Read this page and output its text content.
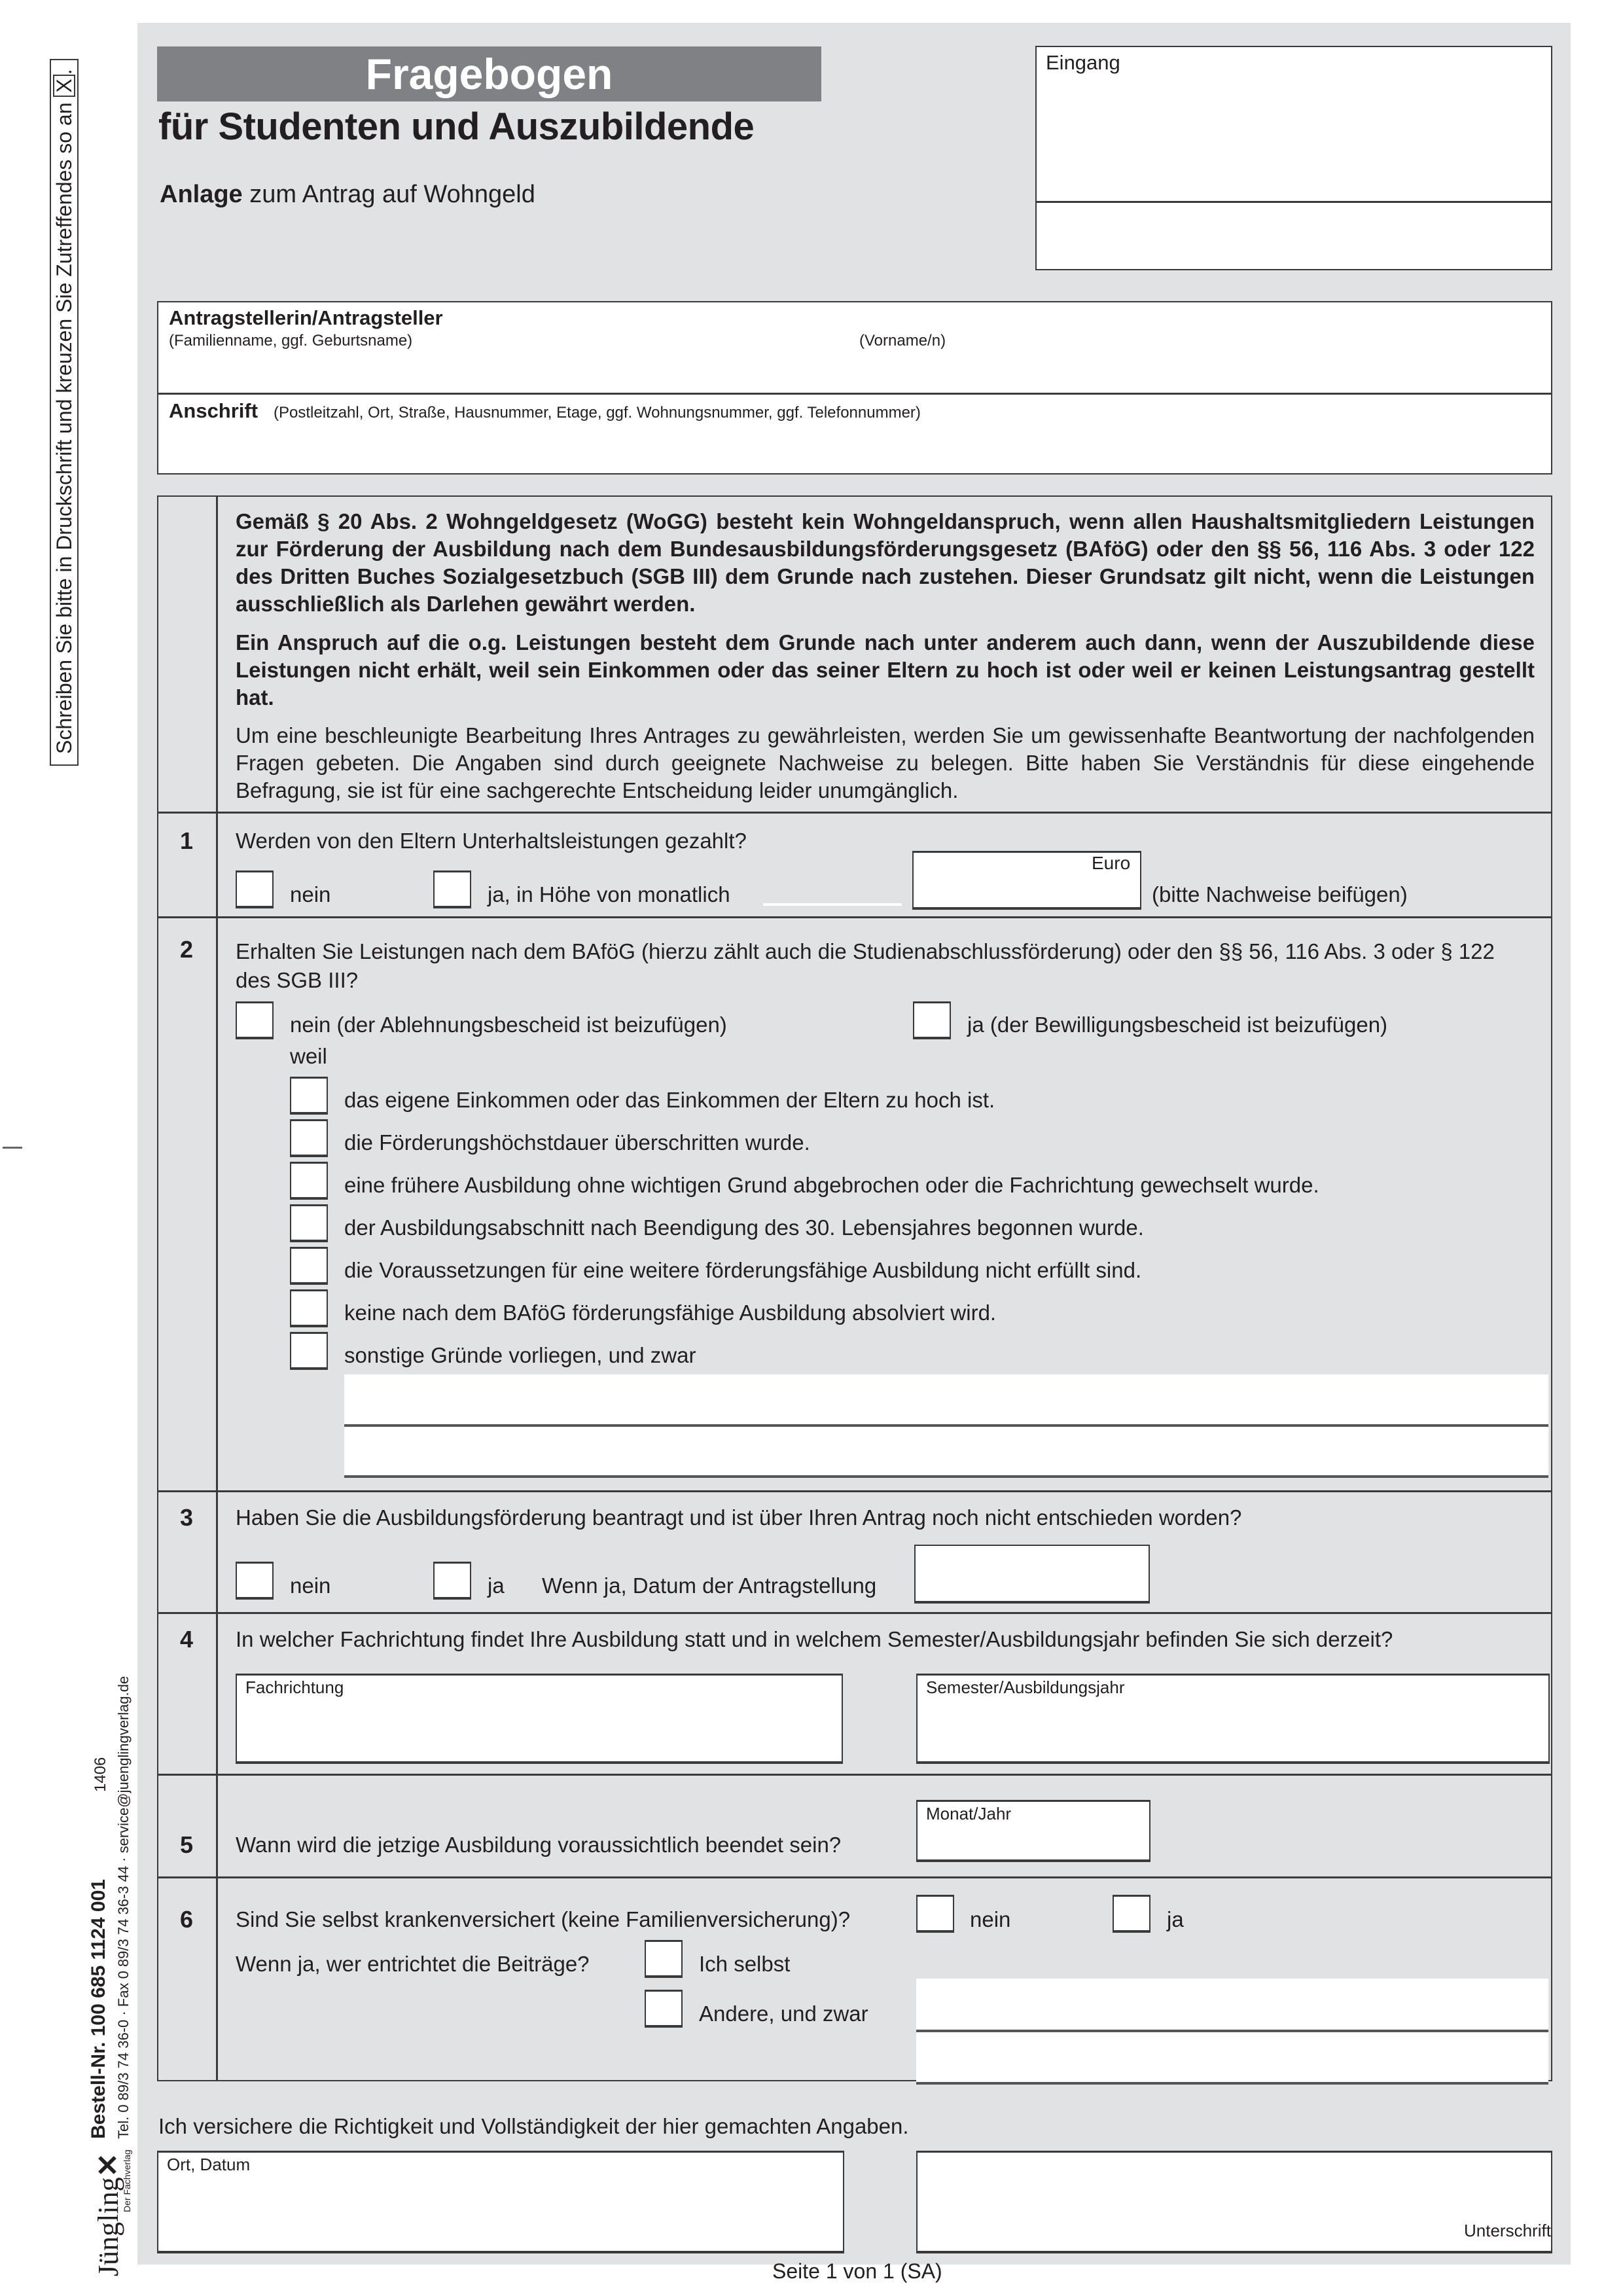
Schreiben Sie bitte in Druckschrift und kreuzen Sie Zutreffendes so an X.
1406 Tel. 0 89/3 74 36-0 · Fax 0 89/3 74 36-3 44 · service@juenglingverlag.de
Bestell-Nr. 100 685 1124 001
Jüngling✕
Der Fachverlag
Fragebogen
für Studenten und Auszubildende
Anlage zum Antrag auf Wohngeld
Eingang
Antragstellerin/Antragsteller
(Familienname, ggf. Geburtsname)	(Vorname/n)
Anschrift (Postleitzahl, Ort, Straße, Hausnummer, Etage, ggf. Wohnungsnummer, ggf. Telefonnummer)
Gemäß § 20 Abs. 2 Wohngeldgesetz (WoGG) besteht kein Wohngeldanspruch, wenn allen Haushaltsmitgliedern Leistungen zur Förderung der Ausbildung nach dem Bundesausbildungsförderungsgesetz (BAföG) oder den §§ 56, 116 Abs. 3 oder 122 des Dritten Buches Sozialgesetzbuch (SGB III) dem Grunde nach zustehen. Dieser Grundsatz gilt nicht, wenn die Leistungen ausschließlich als Darlehen gewährt werden.
Ein Anspruch auf die o.g. Leistungen besteht dem Grunde nach unter anderem auch dann, wenn der Auszubildende diese Leistungen nicht erhält, weil sein Einkommen oder das seiner Eltern zu hoch ist oder weil er keinen Leistungsantrag gestellt hat.
Um eine beschleunigte Bearbeitung Ihres Antrages zu gewährleisten, werden Sie um gewissenhafte Beantwortung der nachfolgenden Fragen gebeten. Die Angaben sind durch geeignete Nachweise zu belegen. Bitte haben Sie Verständnis für diese eingehende Befragung, sie ist für eine sachgerechte Entscheidung leider unumgänglich.
1	Werden von den Eltern Unterhaltsleistungen gezahlt?
nein	ja, in Höhe von monatlich
Euro
(bitte Nachweise beifügen)
2	Erhalten Sie Leistungen nach dem BAföG (hierzu zählt auch die Studienabschlussförderung) oder den §§ 56, 116 Abs. 3 oder § 122 des SGB III?
nein (der Ablehnungsbescheid ist beizufügen)	ja (der Bewilligungsbescheid ist beizufügen)
weil
das eigene Einkommen oder das Einkommen der Eltern zu hoch ist.
die Förderungshöchstdauer überschritten wurde.
eine frühere Ausbildung ohne wichtigen Grund abgebrochen oder die Fachrichtung gewechselt wurde.
der Ausbildungsabschnitt nach Beendigung des 30. Lebensjahres begonnen wurde.
die Voraussetzungen für eine weitere förderungsfähige Ausbildung nicht erfüllt sind.
keine nach dem BAföG förderungsfähige Ausbildung absolviert wird.
sonstige Gründe vorliegen, und zwar
3	Haben Sie die Ausbildungsförderung beantragt und ist über Ihren Antrag noch nicht entschieden worden?
nein	ja Wenn ja, Datum der Antragstellung
4	In welcher Fachrichtung findet Ihre Ausbildung statt und in welchem Semester/Ausbildungsjahr befinden Sie sich derzeit?
Fachrichtung	Semester/Ausbildungsjahr
5	Wann wird die jetzige Ausbildung voraussichtlich beendet sein?
Monat/Jahr
6	Sind Sie selbst krankenversichert (keine Familienversicherung)?	nein	ja
Wenn ja, wer entrichtet die Beiträge?	Ich selbst
Andere, und zwar
Ich versichere die Richtigkeit und Vollständigkeit der hier gemachten Angaben.
Ort, Datum
Unterschrift
Seite 1 von 1 (SA)
